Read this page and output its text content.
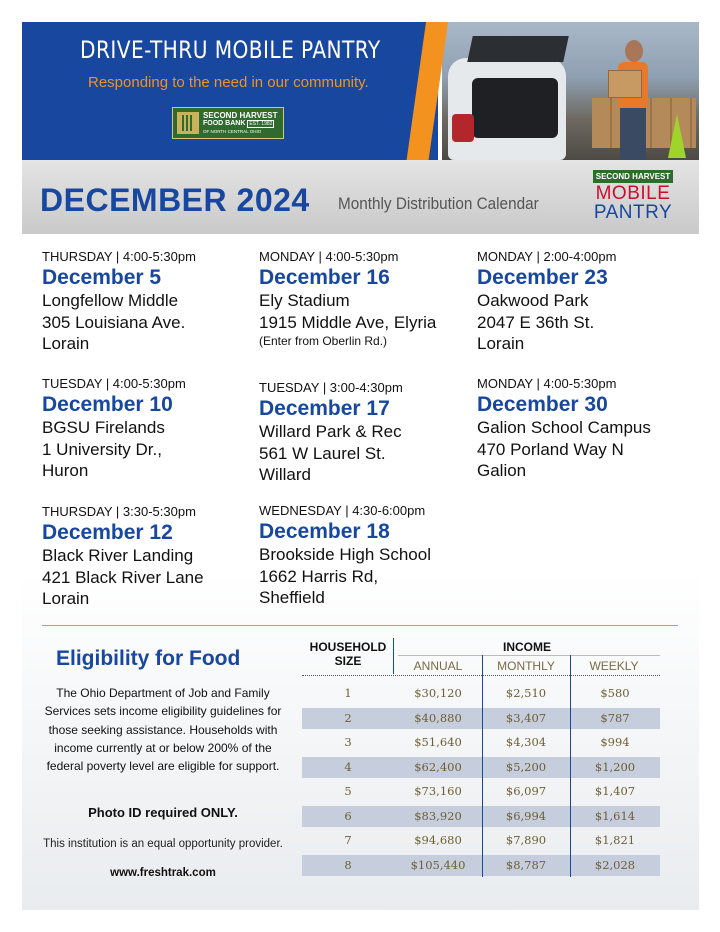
DRIVE-THRU MOBILE PANTRY
Responding to the need in our community.
SECOND HARVEST
FOOD BANK EST. 1982
OF NORTH CENTRAL OHIO
DECEMBER 2024 Monthly Distribution Calendar
SECOND HARVEST
MOBILE
PANTRY
THURSDAY | 4:00-5:30pm
December 5
Longfellow Middle
305 Louisiana Ave.
Lorain
TUESDAY | 4:00-5:30pm
December 10
BGSU Firelands
1 University Dr.,
Huron
THURSDAY | 3:30-5:30pm
December 12
Black River Landing
421 Black River Lane
Lorain
MONDAY | 4:00-5:30pm
December 16
Ely Stadium
1915 Middle Ave, Elyria
(Enter from Oberlin Rd.)
TUESDAY | 3:00-4:30pm
December 17
Willard Park & Rec
561 W Laurel St.
Willard
WEDNESDAY | 4:30-6:00pm
December 18
Brookside High School
1662 Harris Rd,
Sheffield
MONDAY | 2:00-4:00pm
December 23
Oakwood Park
2047 E 36th St.
Lorain
MONDAY | 4:00-5:30pm
December 30
Galion School Campus
470 Porland Way N
Galion
Eligibility for Food
The Ohio Department of Job and Family Services sets income eligibility guidelines for those seeking assistance. Households with income currently at or below 200% of the federal poverty level are eligible for support.
Photo ID required ONLY.
This institution is an equal opportunity provider.
www.freshtrak.com
HOUSEHOLD SIZE
INCOME
ANNUAL	MONTHLY	WEEKLY
1	$30,120	$2,510	$580
2	$40,880	$3,407	$787
3	$51,640	$4,304	$994
4	$62,400	$5,200	$1,200
5	$73,160	$6,097	$1,407
6	$83,920	$6,994	$1,614
7	$94,680	$7,890	$1,821
8	$105,440	$8,787	$2,028
